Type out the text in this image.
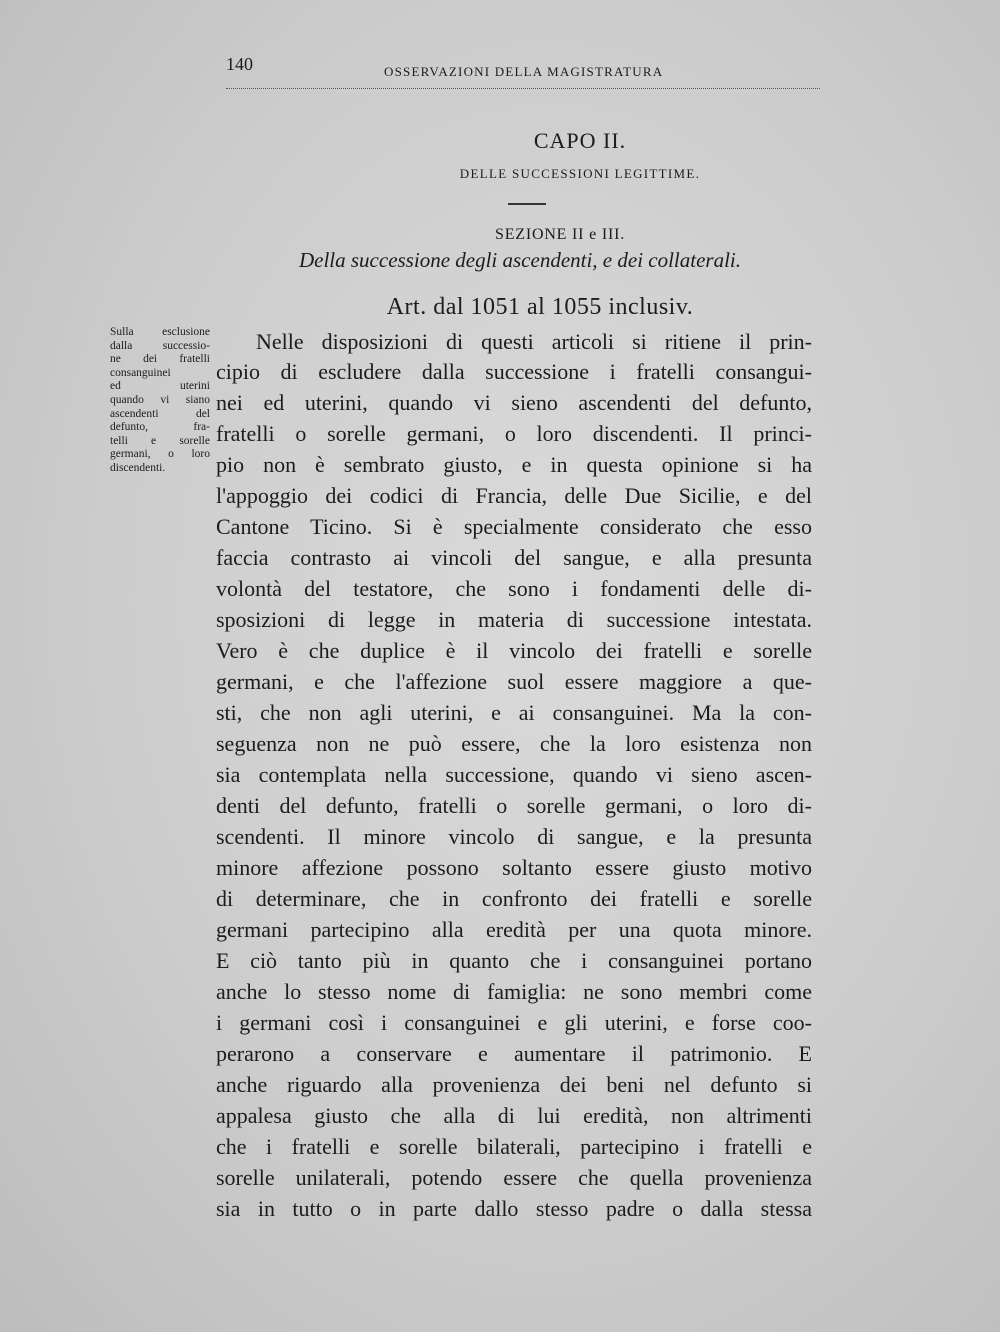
140	OSSERVAZIONI DELLA MAGISTRATURA
CAPO II.
DELLE SUCCESSIONI LEGITTIME.
SEZIONE II e III.
Della successione degli ascendenti, e dei collaterali.
Art. dal 1051 al 1055 inclusiv.
Sulla esclusione
dalla successio-
ne dei fratelli
consanguinei
ed uterini
quando vi siano
ascendenti del
defunto, fra-
telli e sorelle
germani, o loro
discendenti.
Nelle disposizioni di questi articoli si ritiene il prin-
cipio di escludere dalla successione i fratelli consangui-
nei ed uterini, quando vi sieno ascendenti del defunto,
fratelli o sorelle germani, o loro discendenti. Il princi-
pio non è sembrato giusto, e in questa opinione si ha
l'appoggio dei codici di Francia, delle Due Sicilie, e del
Cantone Ticino. Si è specialmente considerato che esso
faccia contrasto ai vincoli del sangue, e alla presunta
volontà del testatore, che sono i fondamenti delle di-
sposizioni di legge in materia di successione intestata.
Vero è che duplice è il vincolo dei fratelli e sorelle
germani, e che l'affezione suol essere maggiore a que-
sti, che non agli uterini, e ai consanguinei. Ma la con-
seguenza non ne può essere, che la loro esistenza non
sia contemplata nella successione, quando vi sieno ascen-
denti del defunto, fratelli o sorelle germani, o loro di-
scendenti. Il minore vincolo di sangue, e la presunta
minore affezione possono soltanto essere giusto motivo
di determinare, che in confronto dei fratelli e sorelle
germani partecipino alla eredità per una quota minore.
E ciò tanto più in quanto che i consanguinei portano
anche lo stesso nome di famiglia: ne sono membri come
i germani così i consanguinei e gli uterini, e forse coo-
perarono a conservare e aumentare il patrimonio. E
anche riguardo alla provenienza dei beni nel defunto si
appalesa giusto che alla di lui eredità, non altrimenti
che i fratelli e sorelle bilaterali, partecipino i fratelli e
sorelle unilaterali, potendo essere che quella provenienza
sia in tutto o in parte dallo stesso padre o dalla stessa
